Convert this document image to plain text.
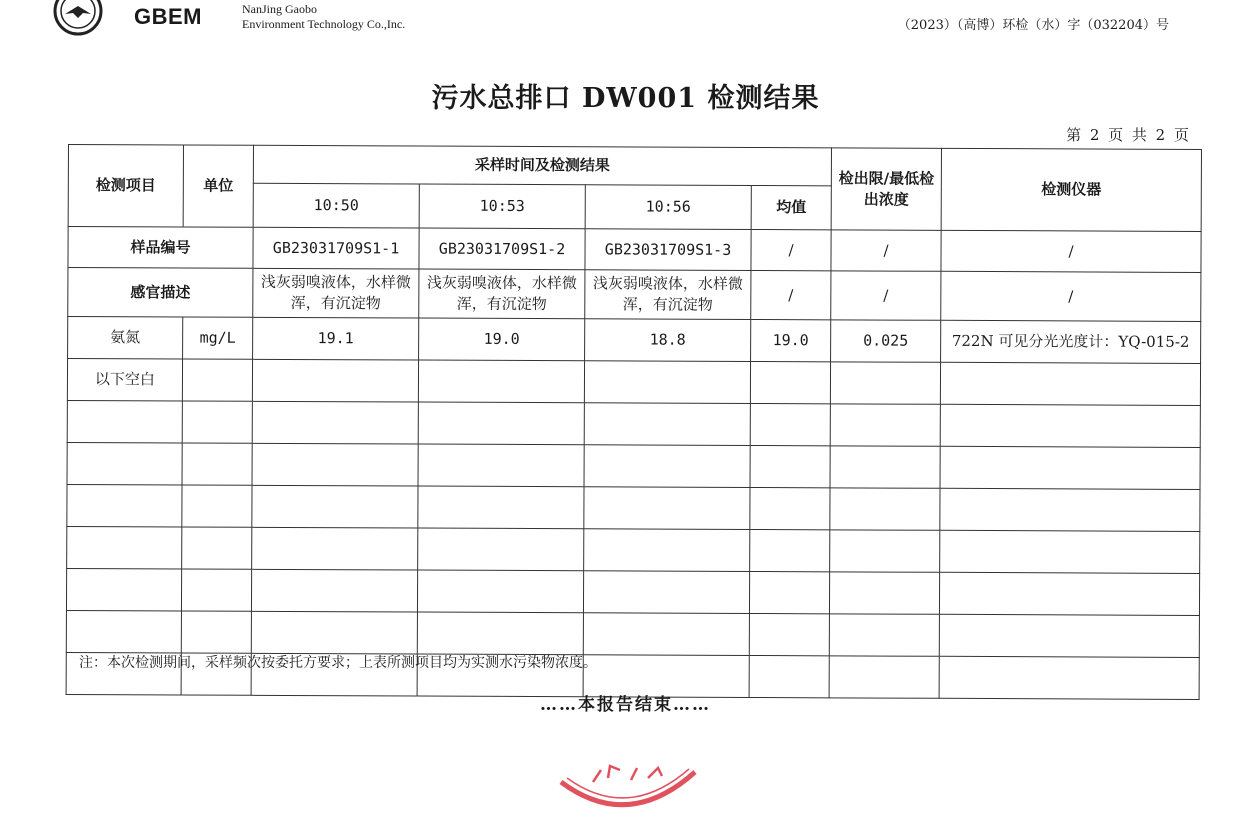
GBEM	NanJing Gaobo
Environment Technology Co.,Inc.	（2023）（高博）环检（水）字（032204）号
污水总排口 DW001 检测结果
第 2 页 共 2 页
检测项目	单位	采样时间及检测结果				检出限/最低检出浓度	检测仪器
		10:50	10:53	10:56	均值		
样品编号		GB23031709S1-1	GB23031709S1-2	GB23031709S1-3	/	/	/
感官描述		浅灰弱嗅液体，水样微浑，有沉淀物	浅灰弱嗅液体，水样微浑，有沉淀物	浅灰弱嗅液体，水样微浑，有沉淀物	/	/	/
氨氮	mg/L	19.1	19.0	18.8	19.0	0.025	722N 可见分光光度计：YQ-015-2
以下空白							

注：本次检测期间，采样频次按委托方要求；上表所测项目均为实测水污染物浓度。
……本报告结束……
